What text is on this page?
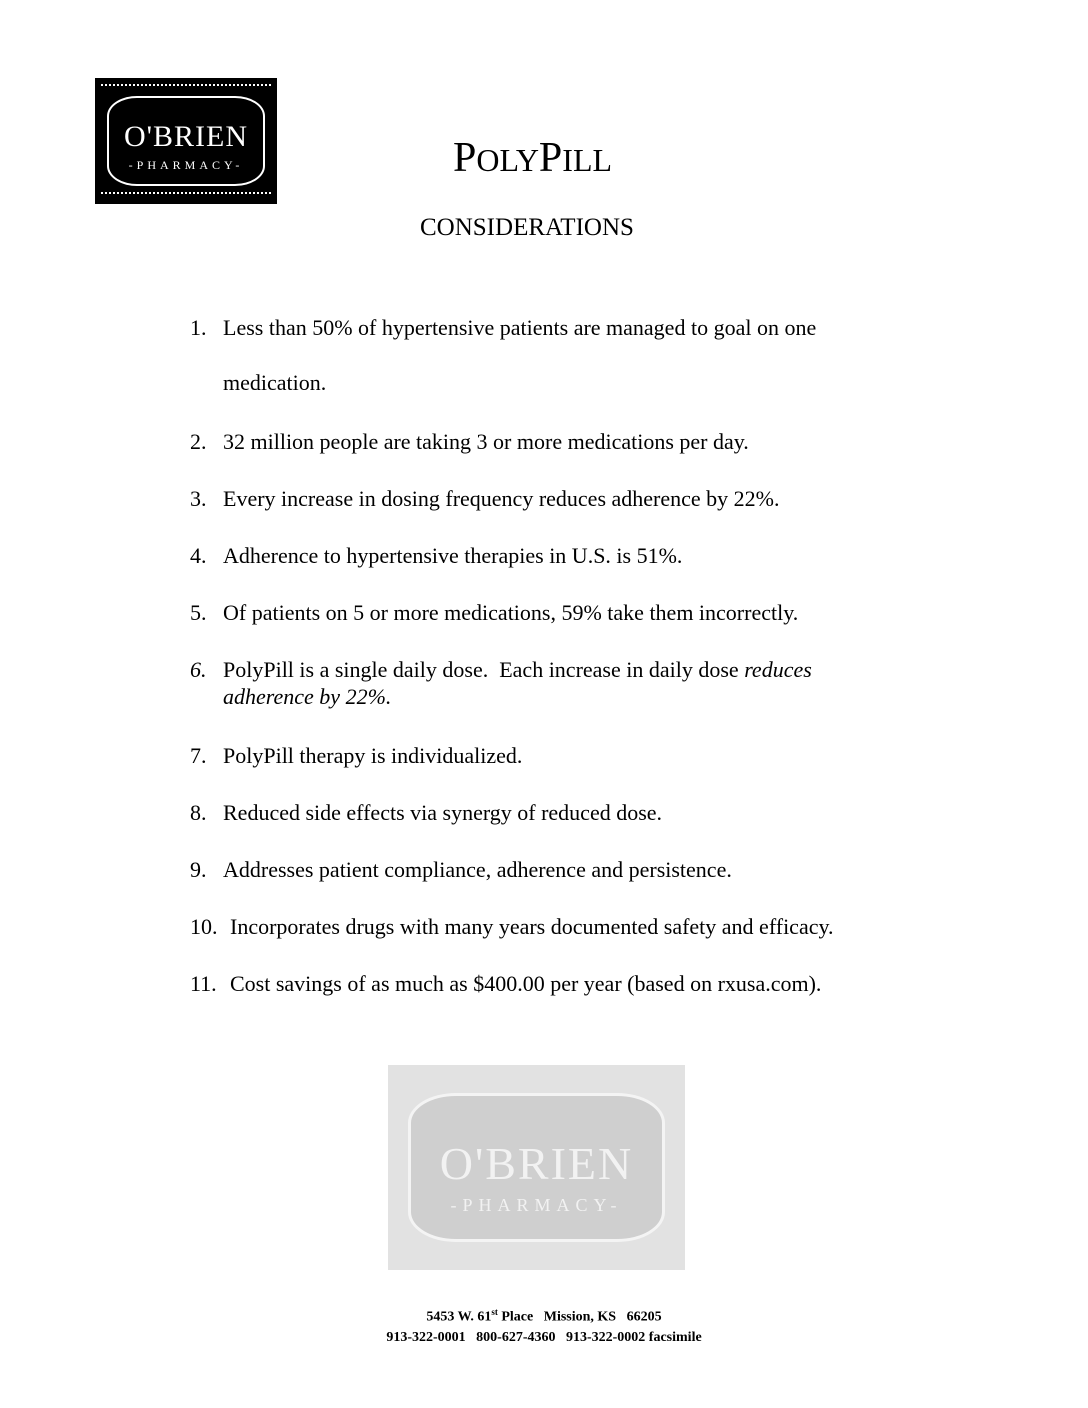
O'BRIEN
-PHARMACY-	POLYPILL
CONSIDERATIONS
1. Less than 50% of hypertensive patients are managed to goal on one
medication.
2. 32 million people are taking 3 or more medications per day.
3. Every increase in dosing frequency reduces adherence by 22%.
4. Adherence to hypertensive therapies in U.S. is 51%.
5. Of patients on 5 or more medications, 59% take them incorrectly.
6. PolyPill is a single daily dose.  Each increase in daily dose reduces
adherence by 22%.
7. PolyPill therapy is individualized.
8. Reduced side effects via synergy of reduced dose.
9. Addresses patient compliance, adherence and persistence.
10. Incorporates drugs with many years documented safety and efficacy.
11. Cost savings of as much as $400.00 per year (based on rxusa.com).
O'BRIEN
-PHARMACY-
5453 W. 61st Place   Mission, KS   66205
913-322-0001   800-627-4360   913-322-0002 facsimile
